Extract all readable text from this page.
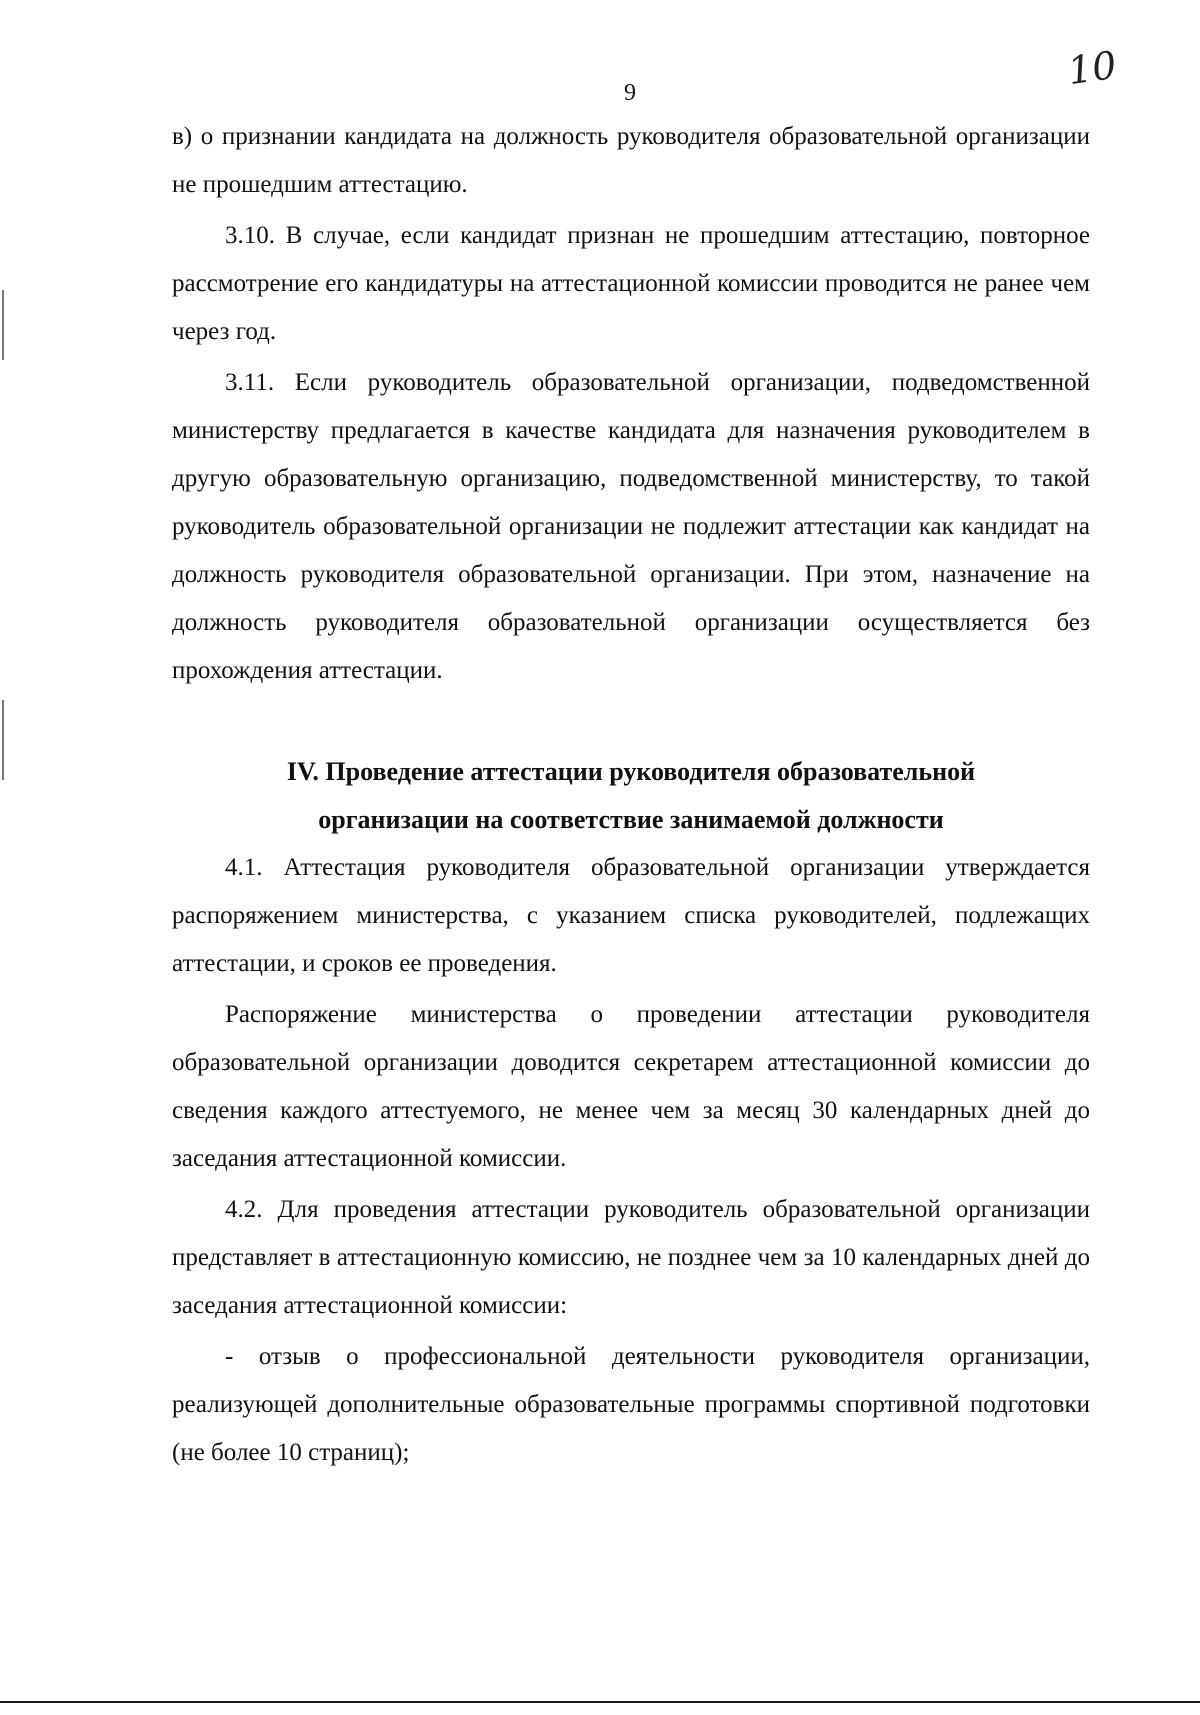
9	10

в) о признании кандидата на должность руководителя образовательной организации не прошедшим аттестацию.

3.10. В случае, если кандидат признан не прошедшим аттестацию, повторное рассмотрение его кандидатуры на аттестационной комиссии проводится не ранее чем через год.

3.11. Если руководитель образовательной организации, подведомственной министерству предлагается в качестве кандидата для назначения руководителем в другую образовательную организацию, подведомственной министерству, то такой руководитель образовательной организации не подлежит аттестации как кандидат на должность руководителя образовательной организации. При этом, назначение на должность руководителя образовательной организации осуществляется без прохождения аттестации.

IV. Проведение аттестации руководителя образовательной
организации на соответствие занимаемой должности

4.1. Аттестация руководителя образовательной организации утверждается распоряжением министерства, с указанием списка руководителей, подлежащих аттестации, и сроков ее проведения.

Распоряжение министерства о проведении аттестации руководителя образовательной организации доводится секретарем аттестационной комиссии до сведения каждого аттестуемого, не менее чем за месяц 30 календарных дней до заседания аттестационной комиссии.

4.2. Для проведения аттестации руководитель образовательной организации представляет в аттестационную комиссию, не позднее чем за 10 календарных дней до заседания аттестационной комиссии:

- отзыв о профессиональной деятельности руководителя организации, реализующей дополнительные образовательные программы спортивной подготовки (не более 10 страниц);
